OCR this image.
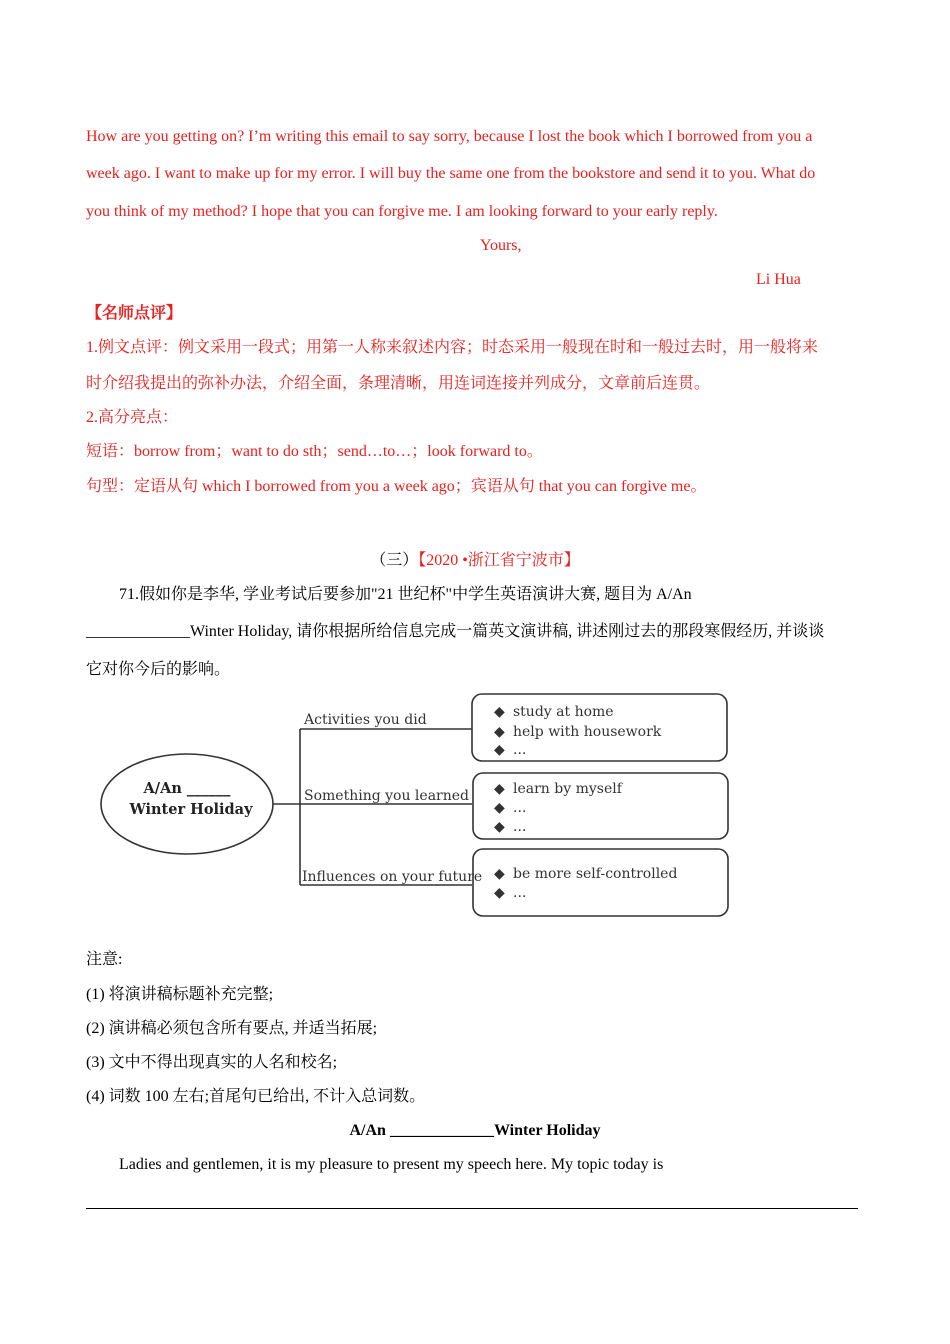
How are you getting on? I’m writing this email to say sorry, because I lost the book which I borrowed from you a
week ago. I want to make up for my error. I will buy the same one from the bookstore and send it to you. What do
you think of my method? I hope that you can forgive me. I am looking forward to your early reply.
Yours,
Li Hua
【名师点评】
1.例文点评：例文采用一段式；用第一人称来叙述内容；时态采用一般现在时和一般过去时，用一般将来
时介绍我提出的弥补办法，介绍全面，条理清晰，用连词连接并列成分，文章前后连贯。
2.高分亮点：
短语：borrow from；want to do sth；send…to…；look forward to。
句型：定语从句 which I borrowed from you a week ago；宾语从句 that you can forgive me。
（三）【2020 •浙江省宁波市】
71.假如你是李华, 学业考试后要参加"21 世纪杯"中学生英语演讲大赛, 题目为 A/An
_____________Winter Holiday, 请你根据所给信息完成一篇英文演讲稿, 讲述刚过去的那段寒假经历, 并谈谈
它对你今后的影响。
A/An ______
Winter Holiday
Activities you did
Something you learned
Influences on your future
◆ study at home
◆ help with housework
◆ ...
◆ learn by myself
◆ ...
◆ ...
◆ be more self-controlled
◆ ...
注意:
(1) 将演讲稿标题补充完整;
(2) 演讲稿必须包含所有要点, 并适当拓展;
(3) 文中不得出现真实的人名和校名;
(4) 词数 100 左右;首尾句已给出, 不计入总词数。
A/An _____________Winter Holiday
Ladies and gentlemen, it is my pleasure to present my speech here. My topic today is
